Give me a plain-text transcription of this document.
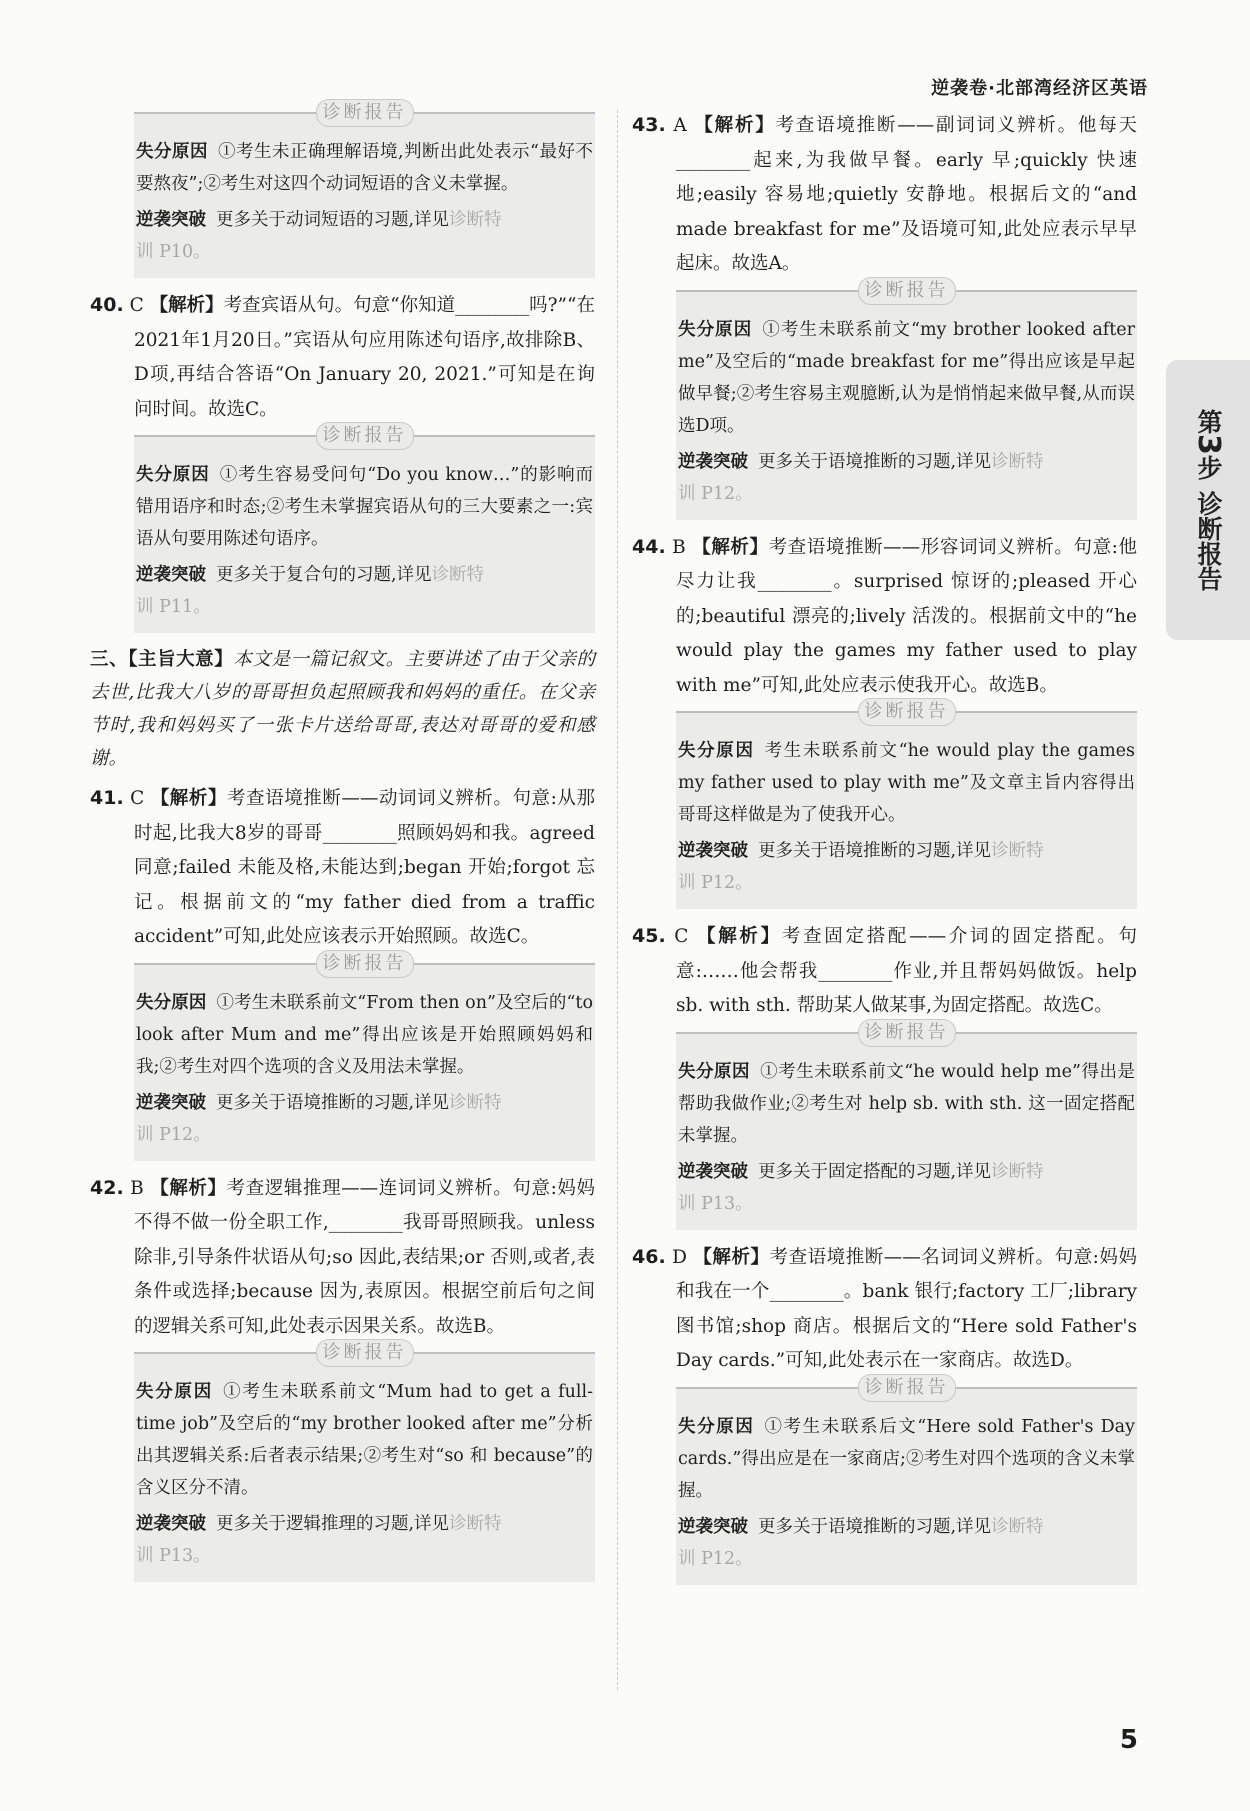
逆袭卷·北部湾经济区英语
诊断报告
失分原因 ①考生未正确理解语境,判断出此处表示“最好不要熬夜”;②考生对这四个动词短语的含义未掌握。
逆袭突破 更多关于动词短语的习题,详见诊断特
训 P10。
40. C 【解析】考查宾语从句。句意“你知道________吗?”“在2021年1月20日。”宾语从句应用陈述句语序,故排除B、D项,再结合答语“On January 20, 2021.”可知是在询问时间。故选C。
诊断报告
失分原因 ①考生容易受问句“Do you know…”的影响而错用语序和时态;②考生未掌握宾语从句的三大要素之一:宾语从句要用陈述句语序。
逆袭突破 更多关于复合句的习题,详见诊断特
训 P11。
三、【主旨大意】本文是一篇记叙文。主要讲述了由于父亲的去世,比我大八岁的哥哥担负起照顾我和妈妈的重任。在父亲节时,我和妈妈买了一张卡片送给哥哥,表达对哥哥的爱和感谢。
41. C 【解析】考查语境推断——动词词义辨析。句意:从那时起,比我大8岁的哥哥________照顾妈妈和我。agreed 同意;failed 未能及格,未能达到;began 开始;forgot 忘记。根据前文的“my father died from a traffic accident”可知,此处应该表示开始照顾。故选C。
诊断报告
失分原因 ①考生未联系前文“From then on”及空后的“to look after Mum and me”得出应该是开始照顾妈妈和我;②考生对四个选项的含义及用法未掌握。
逆袭突破 更多关于语境推断的习题,详见诊断特
训 P12。
42. B 【解析】考查逻辑推理——连词词义辨析。句意:妈妈不得不做一份全职工作,________我哥哥照顾我。unless 除非,引导条件状语从句;so 因此,表结果;or 否则,或者,表条件或选择;because 因为,表原因。根据空前后句之间的逻辑关系可知,此处表示因果关系。故选B。
诊断报告
失分原因 ①考生未联系前文“Mum had to get a full-time job”及空后的“my brother looked after me”分析出其逻辑关系:后者表示结果;②考生对“so 和 because”的含义区分不清。
逆袭突破 更多关于逻辑推理的习题,详见诊断特
训 P13。
43. A 【解析】考查语境推断——副词词义辨析。他每天________起来,为我做早餐。early 早;quickly 快速地;easily 容易地;quietly 安静地。根据后文的“and made breakfast for me”及语境可知,此处应表示早早起床。故选A。
诊断报告
失分原因 ①考生未联系前文“my brother looked after me”及空后的“made breakfast for me”得出应该是早起做早餐;②考生容易主观臆断,认为是悄悄起来做早餐,从而误选D项。
逆袭突破 更多关于语境推断的习题,详见诊断特
训 P12。
44. B 【解析】考查语境推断——形容词词义辨析。句意:他尽力让我________。surprised 惊讶的;pleased 开心的;beautiful 漂亮的;lively 活泼的。根据前文中的“he would play the games my father used to play with me”可知,此处应表示使我开心。故选B。
诊断报告
失分原因 考生未联系前文“he would play the games my father used to play with me”及文章主旨内容得出哥哥这样做是为了使我开心。
逆袭突破 更多关于语境推断的习题,详见诊断特
训 P12。
45. C 【解析】考查固定搭配——介词的固定搭配。句意:……他会帮我________作业,并且帮妈妈做饭。help sb. with sth. 帮助某人做某事,为固定搭配。故选C。
诊断报告
失分原因 ①考生未联系前文“he would help me”得出是帮助我做作业;②考生对 help sb. with sth. 这一固定搭配未掌握。
逆袭突破 更多关于固定搭配的习题,详见诊断特
训 P13。
46. D 【解析】考查语境推断——名词词义辨析。句意:妈妈和我在一个________。bank 银行;factory 工厂;library 图书馆;shop 商店。根据后文的“Here sold Father's Day cards.”可知,此处表示在一家商店。故选D。
诊断报告
失分原因 ①考生未联系后文“Here sold Father's Day cards.”得出应是在一家商店;②考生对四个选项的含义未掌握。
逆袭突破 更多关于语境推断的习题,详见诊断特
训 P12。
第3步
诊断报告
5
